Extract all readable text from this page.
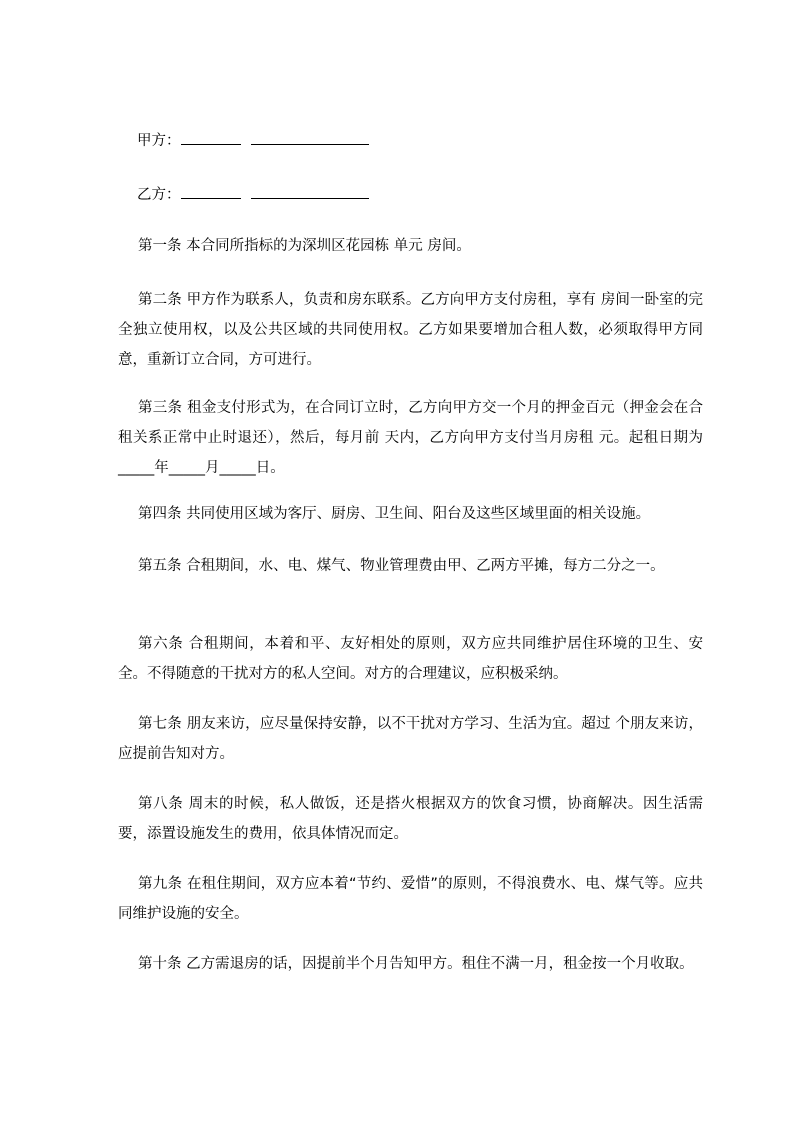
甲方：
乙方：

第一条 本合同所指标的为深圳区花园栋 单元 房间。

第二条 甲方作为联系人，负责和房东联系。乙方向甲方支付房租，享有 房间一卧室的完全独立使用权，以及公共区域的共同使用权。乙方如果要增加合租人数，必须取得甲方同意，重新订立合同，方可进行。

第三条 租金支付形式为，在合同订立时，乙方向甲方交一个月的押金百元（押金会在合租关系正常中止时退还），然后，每月前 天内，乙方向甲方支付当月房租 元。起租日期为_____年_____月_____日。

第四条 共同使用区域为客厅、厨房、卫生间、阳台及这些区域里面的相关设施。

第五条 合租期间，水、电、煤气、物业管理费由甲、乙两方平摊，每方二分之一。

第六条 合租期间，本着和平、友好相处的原则，双方应共同维护居住环境的卫生、安全。不得随意的干扰对方的私人空间。对方的合理建议，应积极采纳。

第七条 朋友来访，应尽量保持安静，以不干扰对方学习、生活为宜。超过 个朋友来访，应提前告知对方。

第八条 周末的时候，私人做饭，还是搭火根据双方的饮食习惯，协商解决。因生活需要，添置设施发生的费用，依具体情况而定。

第九条 在租住期间，双方应本着“节约、爱惜”的原则，不得浪费水、电、煤气等。应共同维护设施的安全。

第十条 乙方需退房的话，因提前半个月告知甲方。租住不满一月，租金按一个月收取。
